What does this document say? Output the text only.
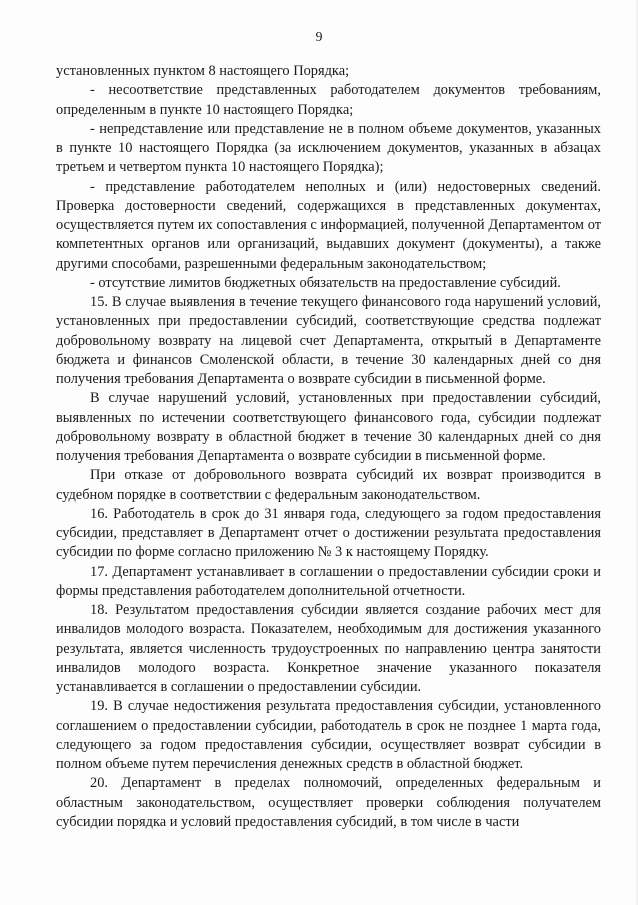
9

установленных пунктом 8 настоящего Порядка;

- несоответствие представленных работодателем документов требованиям, определенным в пункте 10 настоящего Порядка;

- непредставление или представление не в полном объеме документов, указанных в пункте 10 настоящего Порядка (за исключением документов, указанных в абзацах третьем и четвертом пункта 10 настоящего Порядка);

- представление работодателем неполных и (или) недостоверных сведений. Проверка достоверности сведений, содержащихся в представленных документах, осуществляется путем их сопоставления с информацией, полученной Департаментом от компетентных органов или организаций, выдавших документ (документы), а также другими способами, разрешенными федеральным законодательством;

- отсутствие лимитов бюджетных обязательств на предоставление субсидий.

15. В случае выявления в течение текущего финансового года нарушений условий, установленных при предоставлении субсидий, соответствующие средства подлежат добровольному возврату на лицевой счет Департамента, открытый в Департаменте бюджета и финансов Смоленской области, в течение 30 календарных дней со дня получения требования Департамента о возврате субсидии в письменной форме.

В случае нарушений условий, установленных при предоставлении субсидий, выявленных по истечении соответствующего финансового года, субсидии подлежат добровольному возврату в областной бюджет в течение 30 календарных дней со дня получения требования Департамента о возврате субсидии в письменной форме.

При отказе от добровольного возврата субсидий их возврат производится в судебном порядке в соответствии с федеральным законодательством.

16. Работодатель в срок до 31 января года, следующего за годом предоставления субсидии, представляет в Департамент отчет о достижении результата предоставления субсидии по форме согласно приложению № 3 к настоящему Порядку.

17. Департамент устанавливает в соглашении о предоставлении субсидии сроки и формы представления работодателем дополнительной отчетности.

18. Результатом предоставления субсидии является создание рабочих мест для инвалидов молодого возраста. Показателем, необходимым для достижения указанного результата, является численность трудоустроенных по направлению центра занятости инвалидов молодого возраста. Конкретное значение указанного показателя устанавливается в соглашении о предоставлении субсидии.

19. В случае недостижения результата предоставления субсидии, установленного соглашением о предоставлении субсидии, работодатель в срок не позднее 1 марта года, следующего за годом предоставления субсидии, осуществляет возврат субсидии в полном объеме путем перечисления денежных средств в областной бюджет.

20. Департамент в пределах полномочий, определенных федеральным и областным законодательством, осуществляет проверки соблюдения получателем субсидии порядка и условий предоставления субсидий, в том числе в части
